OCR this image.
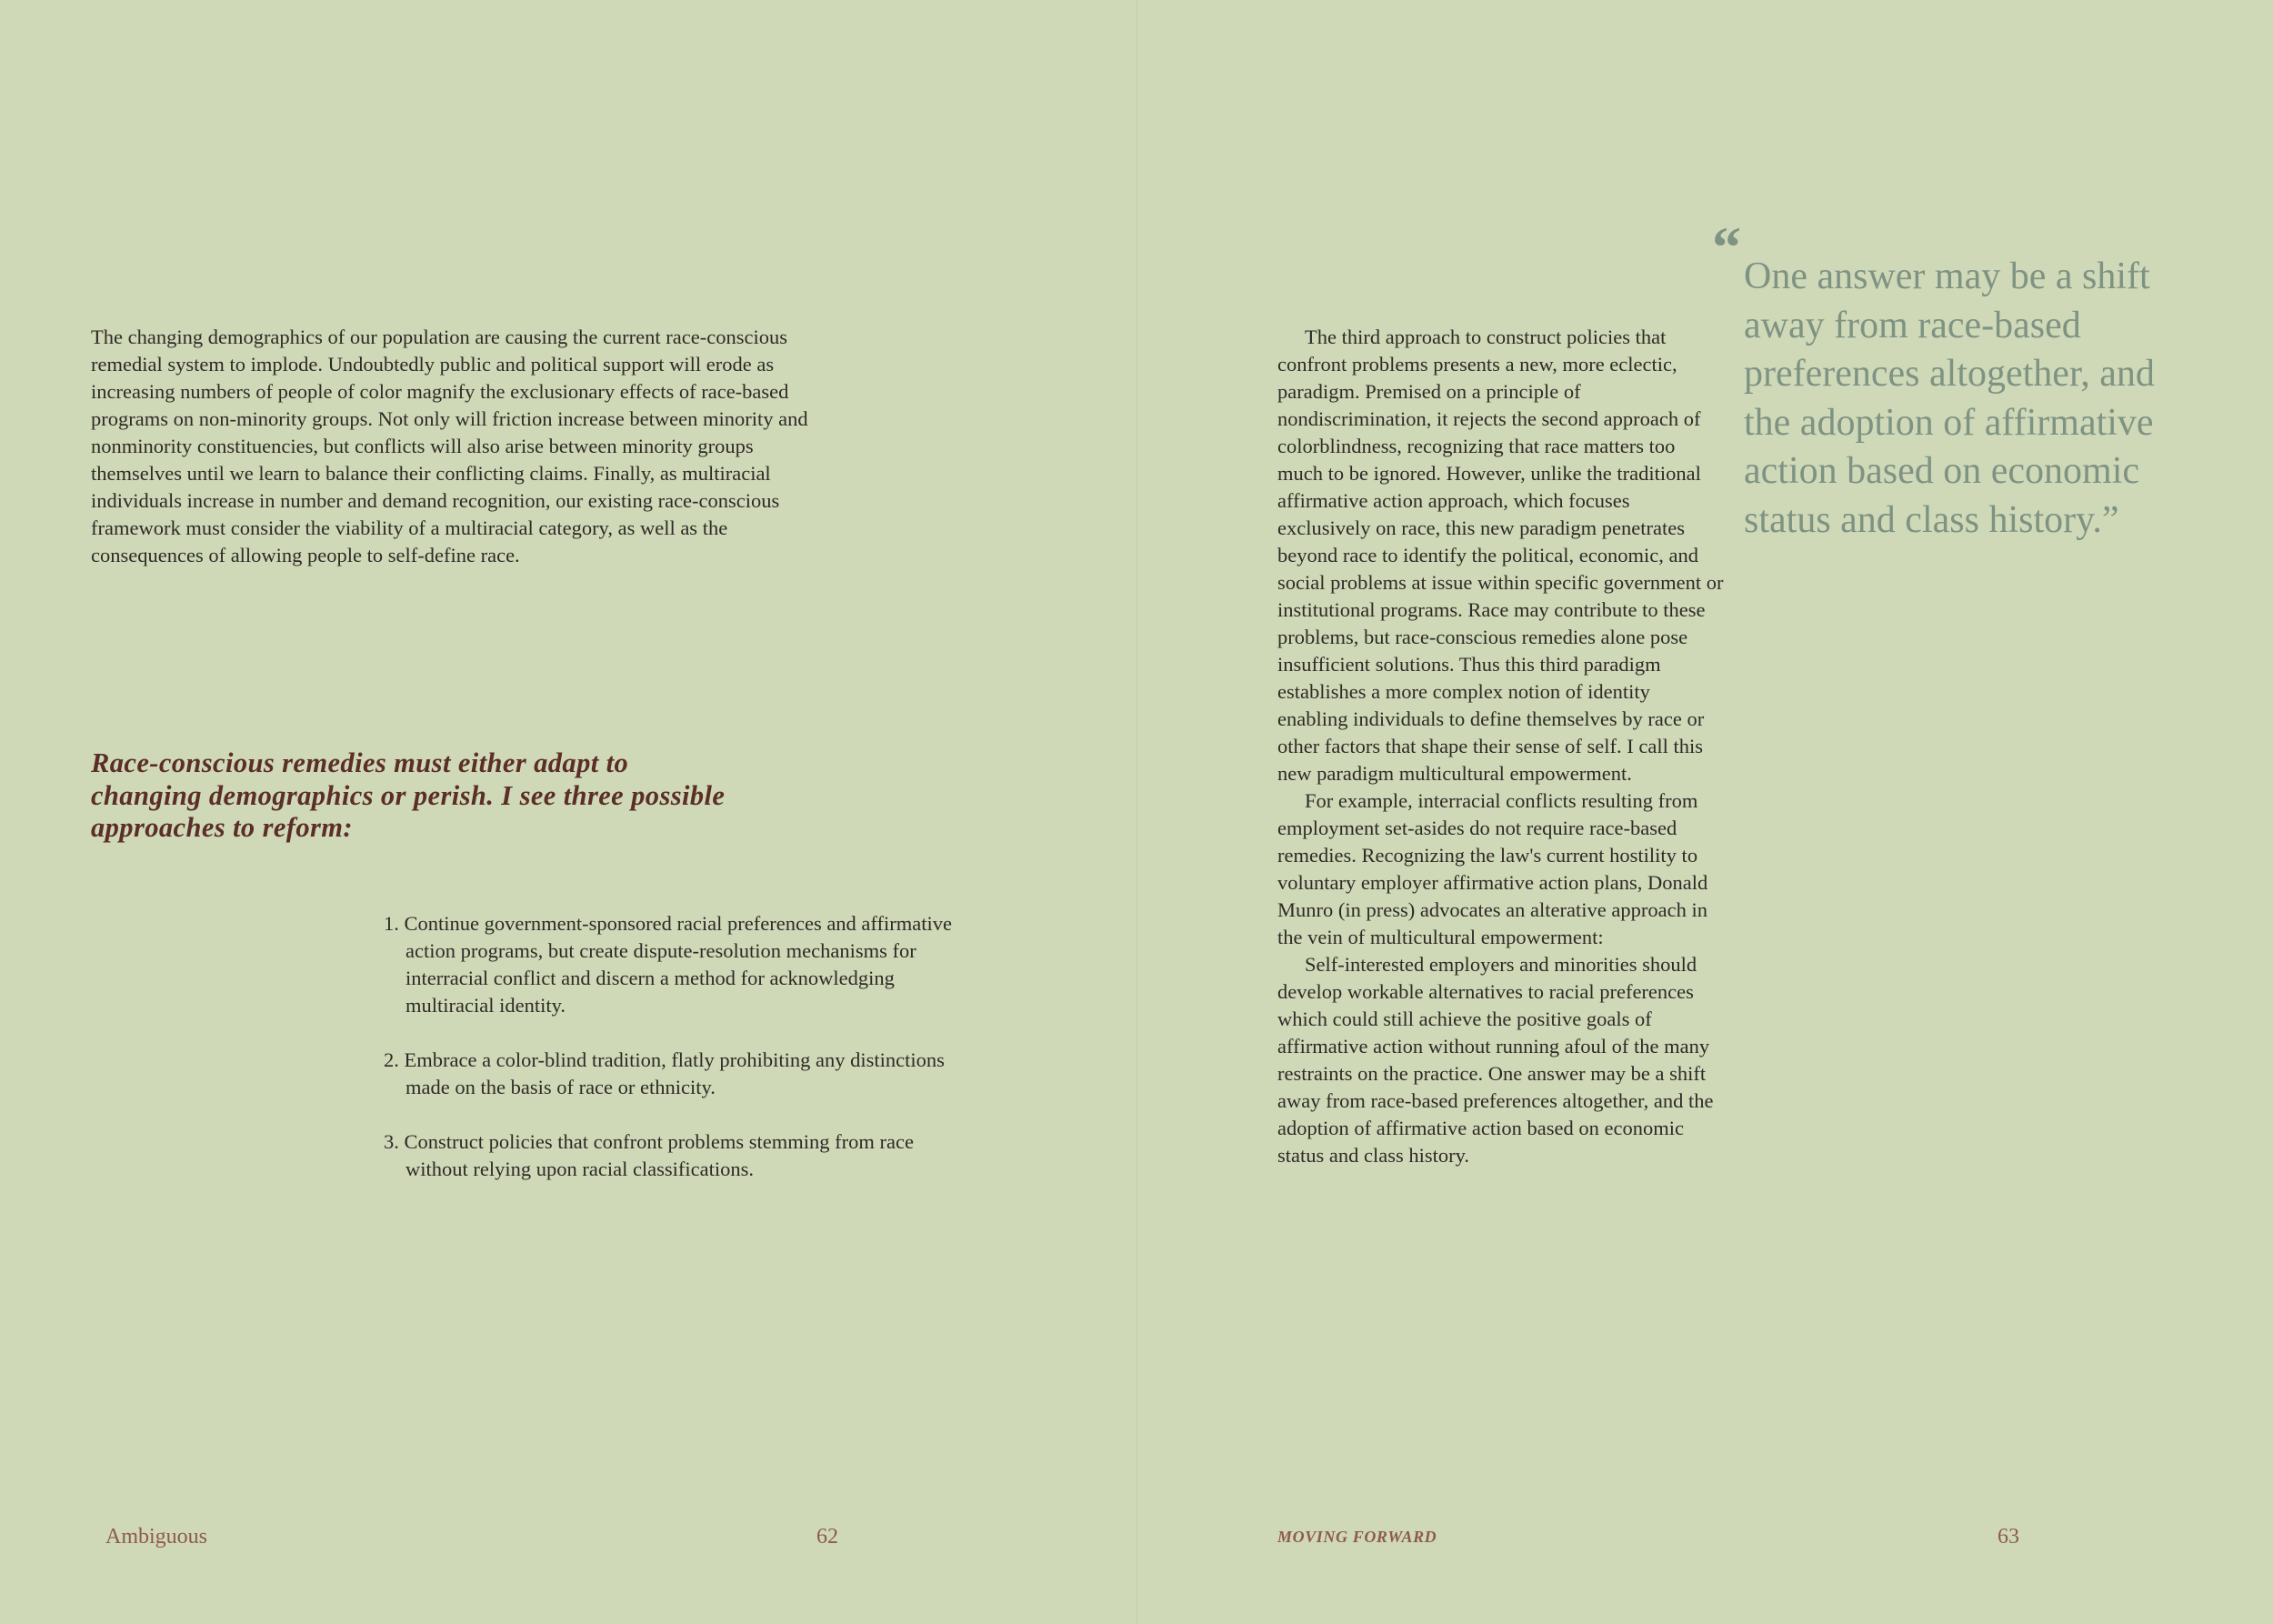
The changing demographics of our population are causing the current race-conscious remedial system to implode. Undoubtedly public and political support will erode as increasing numbers of people of color magnify the exclusionary effects of race-based programs on non-minority groups. Not only will friction increase between minority and nonminority constituencies, but conflicts will also arise between minority groups themselves until we learn to balance their conflicting claims. Finally, as multiracial individuals increase in number and demand recognition, our existing race-conscious framework must consider the viability of a multiracial category, as well as the consequences of allowing people to self-define race.

Race-conscious remedies must either adapt to changing demographics or perish. I see three possible approaches to reform:

1. Continue government-sponsored racial preferences and affirmative action programs, but create dispute-resolution mechanisms for interracial conflict and discern a method for acknowledging multiracial identity.
2. Embrace a color-blind tradition, flatly prohibiting any distinctions made on the basis of race or ethnicity.
3. Construct policies that confront problems stemming from race without relying upon racial classifications.
Ambiguous	62

The third approach to construct policies that confront problems presents a new, more eclectic, paradigm. Premised on a principle of nondiscrimination, it rejects the second approach of colorblindness, recognizing that race matters too much to be ignored. However, unlike the traditional affirmative action approach, which focuses exclusively on race, this new paradigm penetrates beyond race to identify the political, economic, and social problems at issue within specific government or institutional programs. Race may contribute to these problems, but race-conscious remedies alone pose insufficient solutions. Thus this third paradigm establishes a more complex notion of identity enabling individuals to define themselves by race or other factors that shape their sense of self. I call this new paradigm multicultural empowerment.

For example, interracial conflicts resulting from employment set-asides do not require race-based remedies. Recognizing the law's current hostility to voluntary employer affirmative action plans, Donald Munro (in press) advocates an alterative approach in the vein of multicultural empowerment:

Self-interested employers and minorities should develop workable alternatives to racial preferences which could still achieve the positive goals of affirmative action without running afoul of the many restraints on the practice. One answer may be a shift away from race-based preferences altogether, and the adoption of affirmative action based on economic status and class history.

“ One answer may be a shift away from race-based preferences altogether, and the adoption of affirmative action based on economic status and class history.”

MOVING FORWARD	63
